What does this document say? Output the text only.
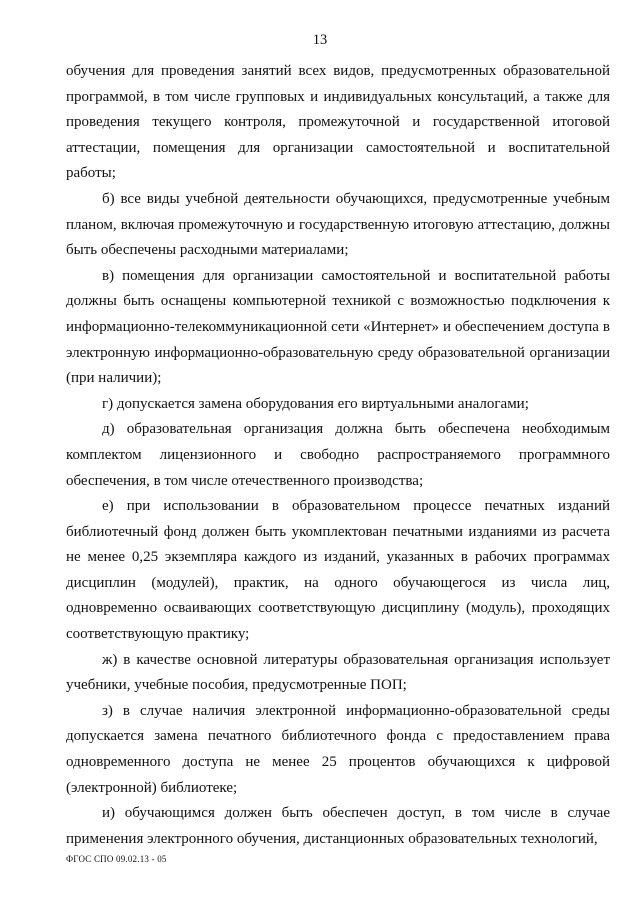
13

обучения для проведения занятий всех видов, предусмотренных образовательной программой, в том числе групповых и индивидуальных консультаций, а также для проведения текущего контроля, промежуточной и государственной итоговой аттестации, помещения для организации самостоятельной и воспитательной работы;

б) все виды учебной деятельности обучающихся, предусмотренные учебным планом, включая промежуточную и государственную итоговую аттестацию, должны быть обеспечены расходными материалами;

в) помещения для организации самостоятельной и воспитательной работы должны быть оснащены компьютерной техникой с возможностью подключения к информационно-телекоммуникационной сети «Интернет» и обеспечением доступа в электронную информационно-образовательную среду образовательной организации (при наличии);

г) допускается замена оборудования его виртуальными аналогами;

д) образовательная организация должна быть обеспечена необходимым комплектом лицензионного и свободно распространяемого программного обеспечения, в том числе отечественного производства;

е) при использовании в образовательном процессе печатных изданий библиотечный фонд должен быть укомплектован печатными изданиями из расчета не менее 0,25 экземпляра каждого из изданий, указанных в рабочих программах дисциплин (модулей), практик, на одного обучающегося из числа лиц, одновременно осваивающих соответствующую дисциплину (модуль), проходящих соответствующую практику;

ж) в качестве основной литературы образовательная организация использует учебники, учебные пособия, предусмотренные ПОП;

з) в случае наличия электронной информационно-образовательной среды допускается замена печатного библиотечного фонда с предоставлением права одновременного доступа не менее 25 процентов обучающихся к цифровой (электронной) библиотеке;

и) обучающимся должен быть обеспечен доступ, в том числе в случае применения электронного обучения, дистанционных образовательных технологий,

ФГОС СПО 09.02.13 - 05
